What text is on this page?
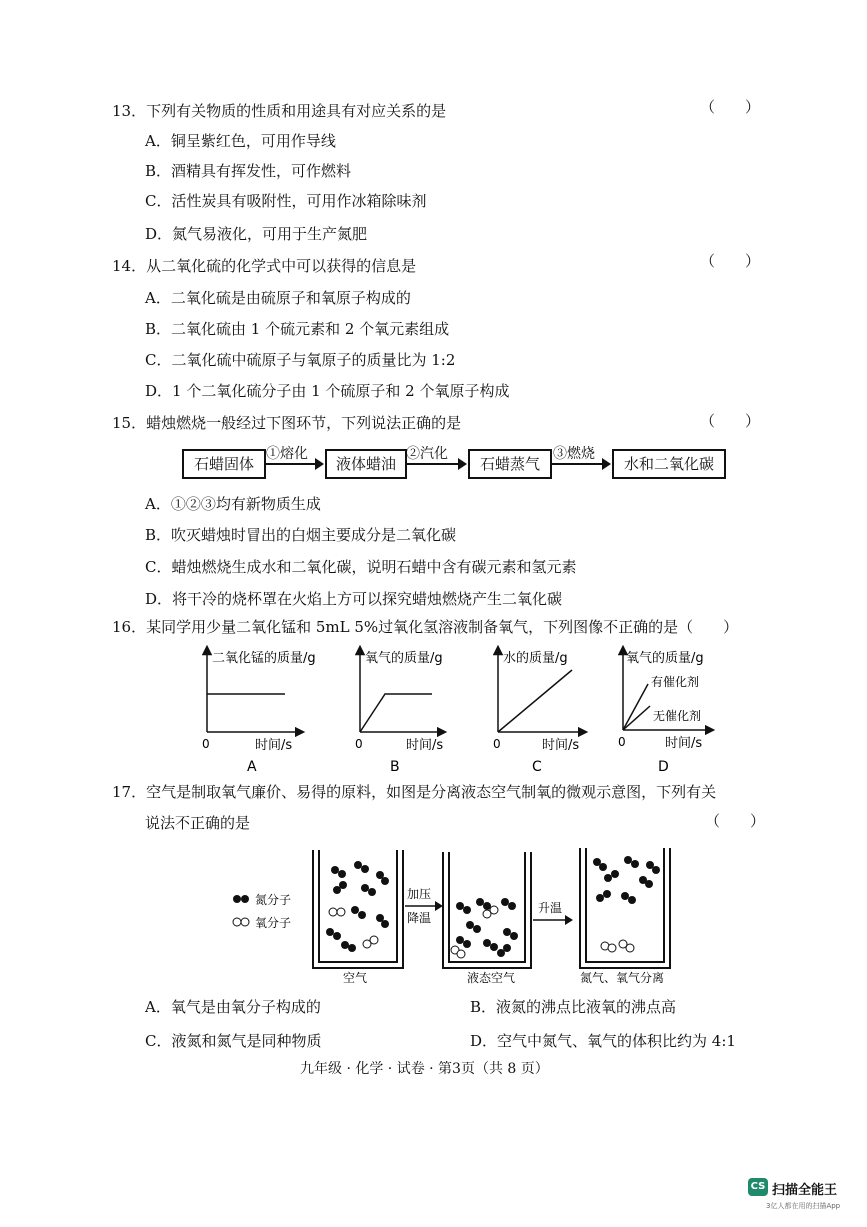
13．下列有关物质的性质和用途具有对应关系的是	（　　）
A．铜呈紫红色，可用作导线
B．酒精具有挥发性，可作燃料
C．活性炭具有吸附性，可用作冰箱除味剂
D．氮气易液化，可用于生产氮肥
14．从二氧化硫的化学式中可以获得的信息是	（　　）
A．二氧化硫是由硫原子和氧原子构成的
B．二氧化硫由 1 个硫元素和 2 个氧元素组成
C．二氧化硫中硫原子与氧原子的质量比为 1:2
D．1 个二氧化硫分子由 1 个硫原子和 2 个氧原子构成
15．蜡烛燃烧一般经过下图环节，下列说法正确的是	（　　）
石蜡固体
①熔化
液体蜡油
②汽化
石蜡蒸气
③燃烧
水和二氧化碳
A．①②③均有新物质生成
B．吹灭蜡烛时冒出的白烟主要成分是二氧化碳
C．蜡烛燃烧生成水和二氧化碳，说明石蜡中含有碳元素和氢元素
D．将干冷的烧杯罩在火焰上方可以探究蜡烛燃烧产生二氧化碳
16．某同学用少量二氧化锰和 5mL 5%过氧化氢溶液制备氧气，下列图像不正确的是（　　）
二氧化锰的质量/g
0	时间/s
A
氧气的质量/g
0	时间/s
B
水的质量/g
0	时间/s
C
氧气的质量/g
有催化剂
无催化剂
0	时间/s
D
17．空气是制取氧气廉价、易得的原料，如图是分离液态空气制氧的微观示意图，下列有关
说法不正确的是	（　　）
氮分子
氧分子
空气
加压
降温
液态空气
升温
氮气、氧气分离
A．氧气是由氧分子构成的	B．液氮的沸点比液氧的沸点高
C．液氮和氮气是同种物质	D．空气中氮气、氧气的体积比约为 4:1
九年级 · 化学 · 试卷 · 第3页（共 8 页）
CS 扫描全能王
3亿人都在用的扫描App
